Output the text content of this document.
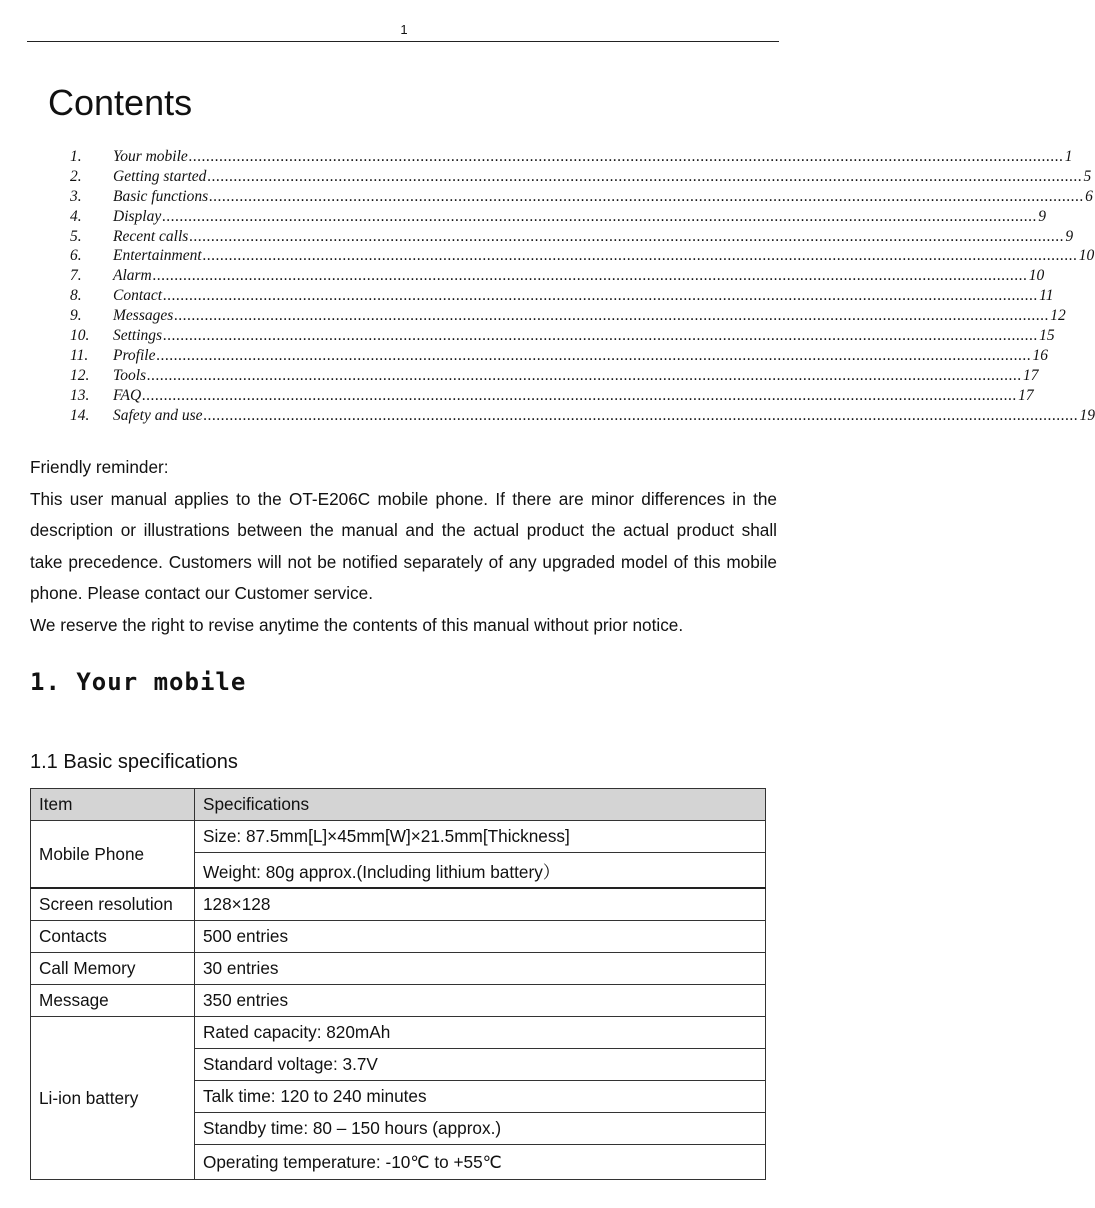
1
Contents
1.	Your mobile ........................................................................................................................................................................................................ 1
2.	Getting started ........................................................................................................................................................................................................ 5
3.	Basic functions ........................................................................................................................................................................................................ 6
4.	Display ........................................................................................................................................................................................................ 9
5.	Recent calls ........................................................................................................................................................................................................ 9
6.	Entertainment ........................................................................................................................................................................................................ 10
7.	Alarm ........................................................................................................................................................................................................ 10
8.	Contact ........................................................................................................................................................................................................ 11
9.	Messages ........................................................................................................................................................................................................ 12
10.	Settings ........................................................................................................................................................................................................ 15
11.	Profile ........................................................................................................................................................................................................ 16
12.	Tools ........................................................................................................................................................................................................ 17
13.	FAQ ........................................................................................................................................................................................................ 17
14.	Safety and use ........................................................................................................................................................................................................ 19

Friendly reminder:

This user manual applies to the OT-E206C mobile phone. If there are minor differences in the description or illustrations between the manual and the actual product the actual product shall take precedence. Customers will not be notified separately of any upgraded model of this mobile phone. Please contact our Customer service.

We reserve the right to revise anytime the contents of this manual without prior notice.

1. Your mobile
1.1 Basic specifications
Item	Specifications
Mobile Phone	Size: 87.5mm[L]×45mm[W]×21.5mm[Thickness]
	Weight: 80g approx.(Including lithium battery）
Screen resolution	128×128
Contacts	500 entries
Call Memory	30 entries
Message	350 entries
Li-ion battery	Rated capacity: 820mAh
	Standard voltage: 3.7V
	Talk time: 120 to 240 minutes
	Standby time: 80 – 150 hours (approx.)
	Operating temperature: -10℃ to +55℃
